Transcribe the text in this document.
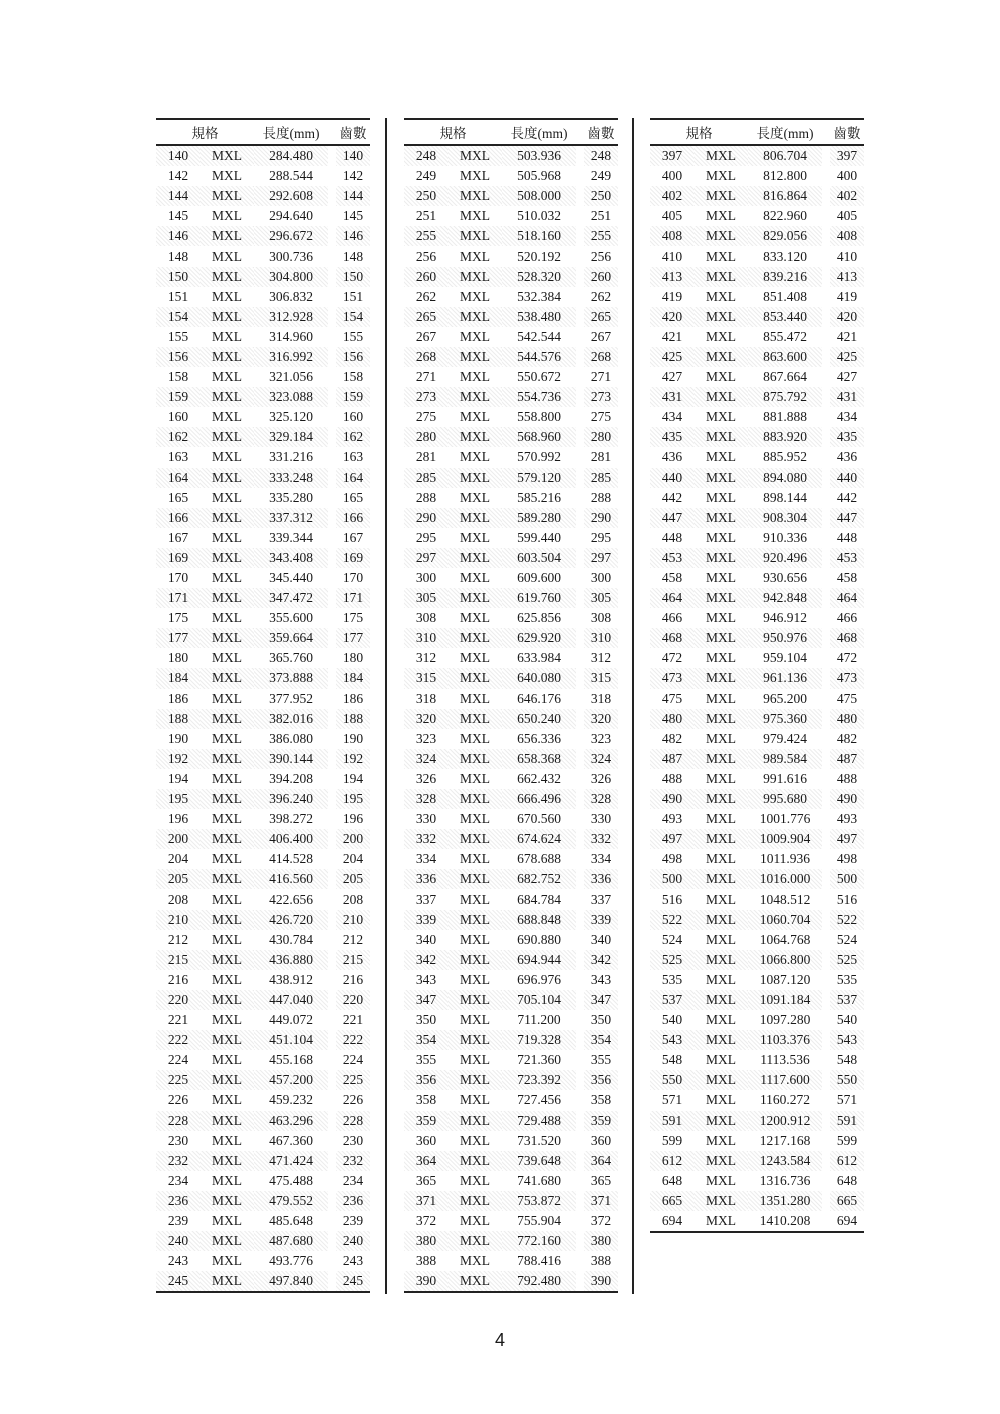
規格		長度(mm)		齒數
140	MXL	284.480		140
142	MXL	288.544		142
144	MXL	292.608		144
145	MXL	294.640		145
146	MXL	296.672		146
148	MXL	300.736		148
150	MXL	304.800		150
151	MXL	306.832		151
154	MXL	312.928		154
155	MXL	314.960		155
156	MXL	316.992		156
158	MXL	321.056		158
159	MXL	323.088		159
160	MXL	325.120		160
162	MXL	329.184		162
163	MXL	331.216		163
164	MXL	333.248		164
165	MXL	335.280		165
166	MXL	337.312		166
167	MXL	339.344		167
169	MXL	343.408		169
170	MXL	345.440		170
171	MXL	347.472		171
175	MXL	355.600		175
177	MXL	359.664		177
180	MXL	365.760		180
184	MXL	373.888		184
186	MXL	377.952		186
188	MXL	382.016		188
190	MXL	386.080		190
192	MXL	390.144		192
194	MXL	394.208		194
195	MXL	396.240		195
196	MXL	398.272		196
200	MXL	406.400		200
204	MXL	414.528		204
205	MXL	416.560		205
208	MXL	422.656		208
210	MXL	426.720		210
212	MXL	430.784		212
215	MXL	436.880		215
216	MXL	438.912		216
220	MXL	447.040		220
221	MXL	449.072		221
222	MXL	451.104		222
224	MXL	455.168		224
225	MXL	457.200		225
226	MXL	459.232		226
228	MXL	463.296		228
230	MXL	467.360		230
232	MXL	471.424		232
234	MXL	475.488		234
236	MXL	479.552		236
239	MXL	485.648		239
240	MXL	487.680		240
243	MXL	493.776		243
245	MXL	497.840		245
規格		長度(mm)		齒數
248	MXL	503.936		248
249	MXL	505.968		249
250	MXL	508.000		250
251	MXL	510.032		251
255	MXL	518.160		255
256	MXL	520.192		256
260	MXL	528.320		260
262	MXL	532.384		262
265	MXL	538.480		265
267	MXL	542.544		267
268	MXL	544.576		268
271	MXL	550.672		271
273	MXL	554.736		273
275	MXL	558.800		275
280	MXL	568.960		280
281	MXL	570.992		281
285	MXL	579.120		285
288	MXL	585.216		288
290	MXL	589.280		290
295	MXL	599.440		295
297	MXL	603.504		297
300	MXL	609.600		300
305	MXL	619.760		305
308	MXL	625.856		308
310	MXL	629.920		310
312	MXL	633.984		312
315	MXL	640.080		315
318	MXL	646.176		318
320	MXL	650.240		320
323	MXL	656.336		323
324	MXL	658.368		324
326	MXL	662.432		326
328	MXL	666.496		328
330	MXL	670.560		330
332	MXL	674.624		332
334	MXL	678.688		334
336	MXL	682.752		336
337	MXL	684.784		337
339	MXL	688.848		339
340	MXL	690.880		340
342	MXL	694.944		342
343	MXL	696.976		343
347	MXL	705.104		347
350	MXL	711.200		350
354	MXL	719.328		354
355	MXL	721.360		355
356	MXL	723.392		356
358	MXL	727.456		358
359	MXL	729.488		359
360	MXL	731.520		360
364	MXL	739.648		364
365	MXL	741.680		365
371	MXL	753.872		371
372	MXL	755.904		372
380	MXL	772.160		380
388	MXL	788.416		388
390	MXL	792.480		390
規格		長度(mm)		齒數
397	MXL	806.704		397
400	MXL	812.800		400
402	MXL	816.864		402
405	MXL	822.960		405
408	MXL	829.056		408
410	MXL	833.120		410
413	MXL	839.216		413
419	MXL	851.408		419
420	MXL	853.440		420
421	MXL	855.472		421
425	MXL	863.600		425
427	MXL	867.664		427
431	MXL	875.792		431
434	MXL	881.888		434
435	MXL	883.920		435
436	MXL	885.952		436
440	MXL	894.080		440
442	MXL	898.144		442
447	MXL	908.304		447
448	MXL	910.336		448
453	MXL	920.496		453
458	MXL	930.656		458
464	MXL	942.848		464
466	MXL	946.912		466
468	MXL	950.976		468
472	MXL	959.104		472
473	MXL	961.136		473
475	MXL	965.200		475
480	MXL	975.360		480
482	MXL	979.424		482
487	MXL	989.584		487
488	MXL	991.616		488
490	MXL	995.680		490
493	MXL	1001.776		493
497	MXL	1009.904		497
498	MXL	1011.936		498
500	MXL	1016.000		500
516	MXL	1048.512		516
522	MXL	1060.704		522
524	MXL	1064.768		524
525	MXL	1066.800		525
535	MXL	1087.120		535
537	MXL	1091.184		537
540	MXL	1097.280		540
543	MXL	1103.376		543
548	MXL	1113.536		548
550	MXL	1117.600		550
571	MXL	1160.272		571
591	MXL	1200.912		591
599	MXL	1217.168		599
612	MXL	1243.584		612
648	MXL	1316.736		648
665	MXL	1351.280		665
694	MXL	1410.208		694
4
